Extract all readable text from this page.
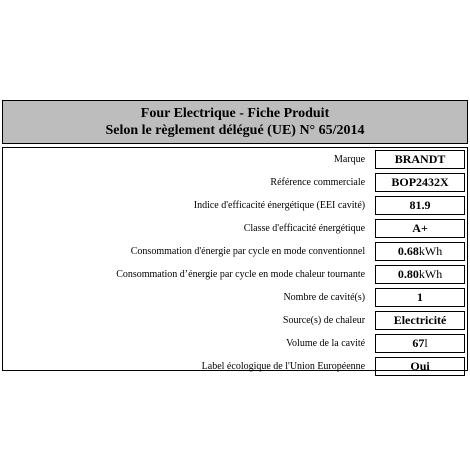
Four Electrique - Fiche Produit
Selon le règlement délégué (UE) N° 65/2014
Marque	BRANDT

Référence commerciale	BOP2432X

Indice d'efficacité énergétique (EEI cavité)	81.9

Classe d'efficacité énergétique	A+

Consommation d'énergie par cycle en mode conventionnel	0.68 kWh

Consommation d’énergie par cycle en mode chaleur tournante	0.80 kWh

Nombre de cavité(s)	1

Source(s) de chaleur	Electricité

Volume de la cavité	67 l

Label écologique de l'Union Européenne	Oui
